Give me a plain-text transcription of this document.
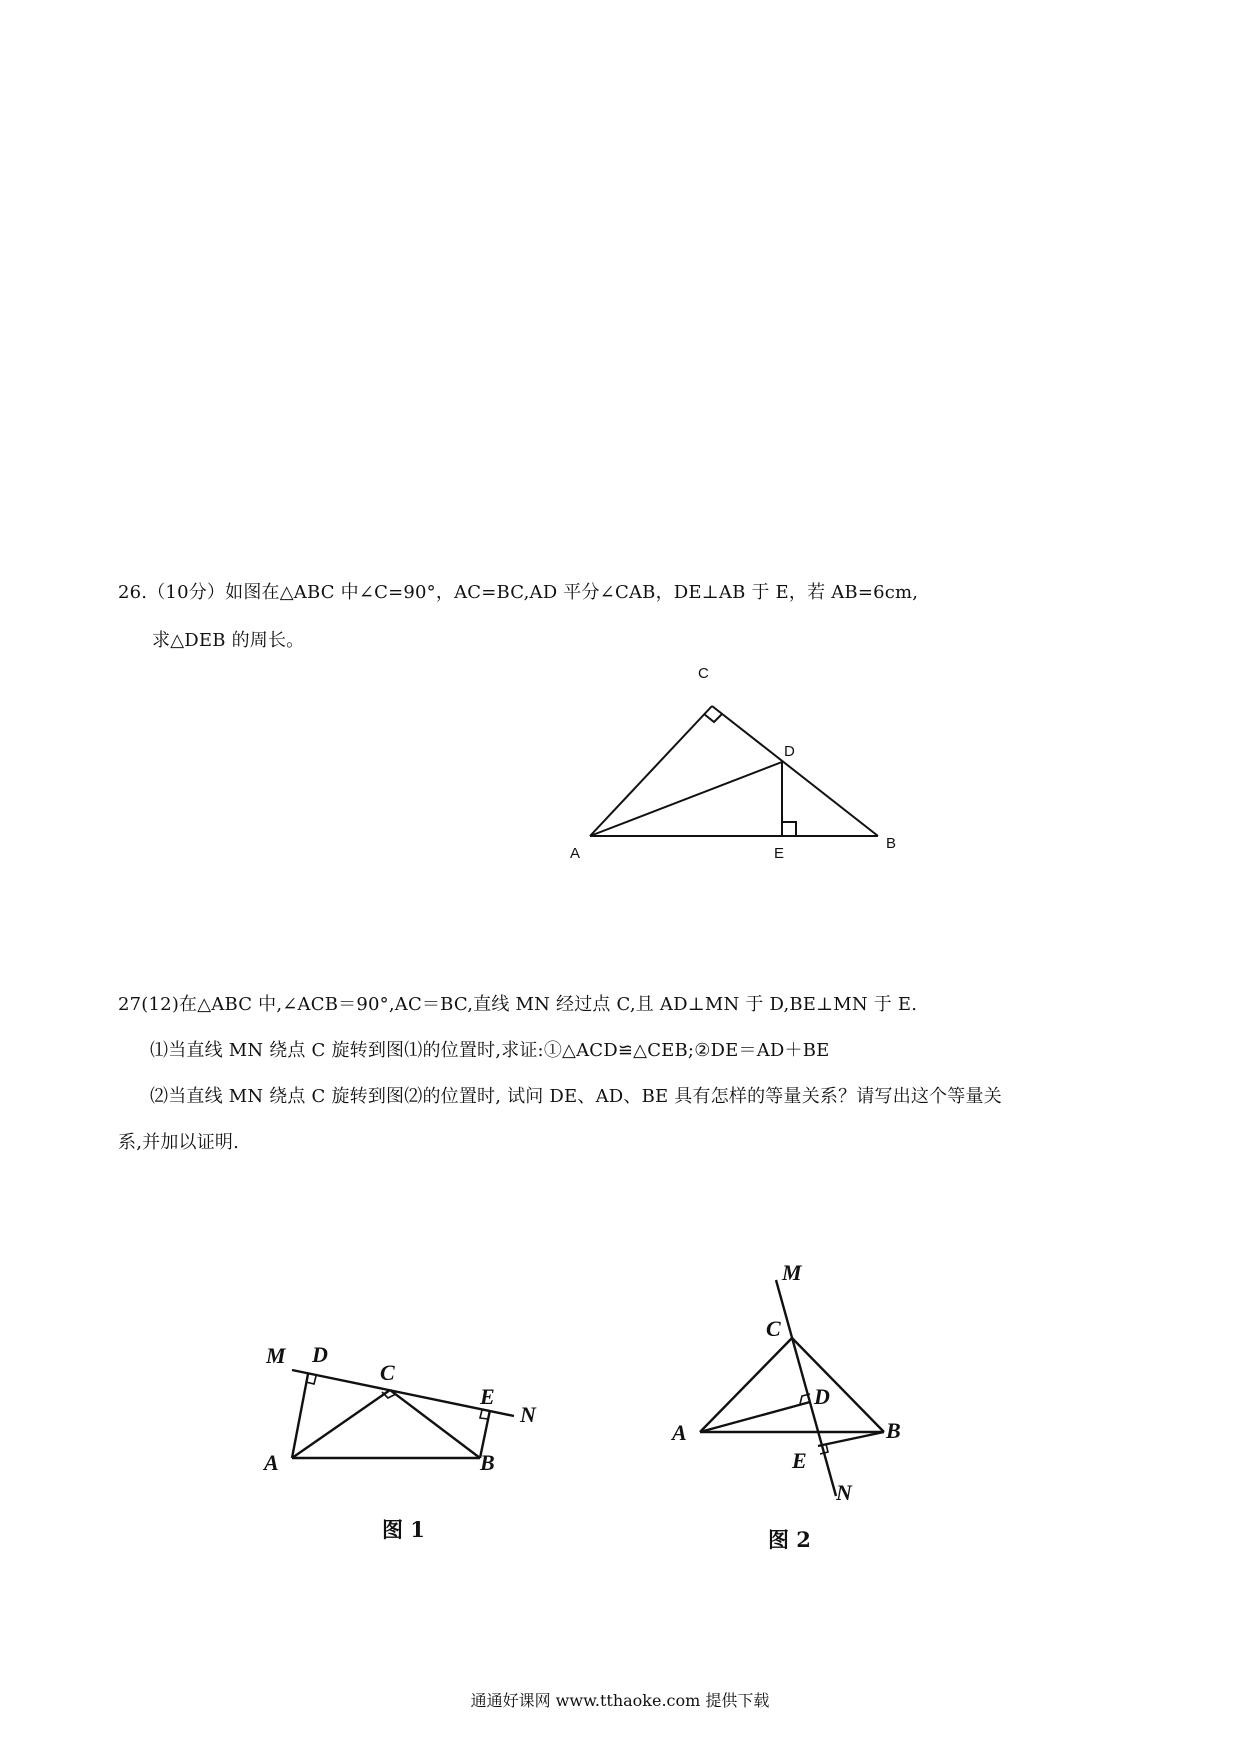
26.（10分）如图在△ABC 中∠C=90°，AC=BC,AD 平分∠CAB，DE⊥AB 于 E，若 AB=6cm,
求△DEB 的周长。
C
D
A	E
B
27(12)在△ABC 中,∠ACB＝90°,AC＝BC,直线 MN 经过点 C,且 AD⊥MN 于 D,BE⊥MN 于 E.
⑴当直线 MN 绕点 C 旋转到图⑴的位置时,求证:①△ACD≌△CEB;②DE＝AD＋BE
⑵当直线 MN 绕点 C 旋转到图⑵的位置时, 试问 DE、AD、BE 具有怎样的等量关系？请写出这个等量关
系,并加以证明.
M D
C
E
N
A	B
图 1
M
C
D
A	B
E
N
图 2
通通好课网 www.tthaoke.com 提供下载
